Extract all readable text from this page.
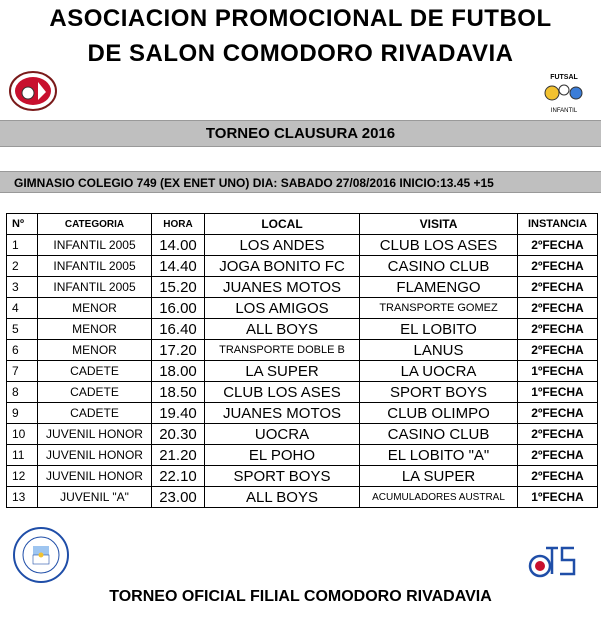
ASOCIACION PROMOCIONAL DE FUTBOL
DE SALON COMODORO RIVADAVIA
FUTSAL
INFANTIL
TORNEO CLAUSURA 2016
GIMNASIO COLEGIO 749 (EX ENET UNO) DIA: SABADO 27/08/2016 INICIO:13.45 +15
Nº	CATEGORIA	HORA	LOCAL	VISITA	INSTANCIA
1	INFANTIL 2005	14.00	LOS ANDES	CLUB LOS ASES	2ºFECHA
2	INFANTIL 2005	14.40	JOGA BONITO FC	CASINO CLUB	2ºFECHA
3	INFANTIL 2005	15.20	JUANES MOTOS	FLAMENGO	2ºFECHA
4	MENOR	16.00	LOS AMIGOS	TRANSPORTE GOMEZ	2ºFECHA
5	MENOR	16.40	ALL BOYS	EL LOBITO	2ºFECHA
6	MENOR	17.20	TRANSPORTE DOBLE B	LANUS	2ºFECHA
7	CADETE	18.00	LA SUPER	LA UOCRA	1ºFECHA
8	CADETE	18.50	CLUB LOS ASES	SPORT BOYS	1ºFECHA
9	CADETE	19.40	JUANES MOTOS	CLUB OLIMPO	2ºFECHA
10	JUVENIL HONOR	20.30	UOCRA	CASINO CLUB	2ºFECHA
11	JUVENIL HONOR	21.20	EL POHO	EL LOBITO "A"	2ºFECHA
12	JUVENIL HONOR	22.10	SPORT BOYS	LA SUPER	2ºFECHA
13	JUVENIL "A"	23.00	ALL BOYS	ACUMULADORES AUSTRAL	1ºFECHA
TORNEO OFICIAL FILIAL COMODORO RIVADAVIA
